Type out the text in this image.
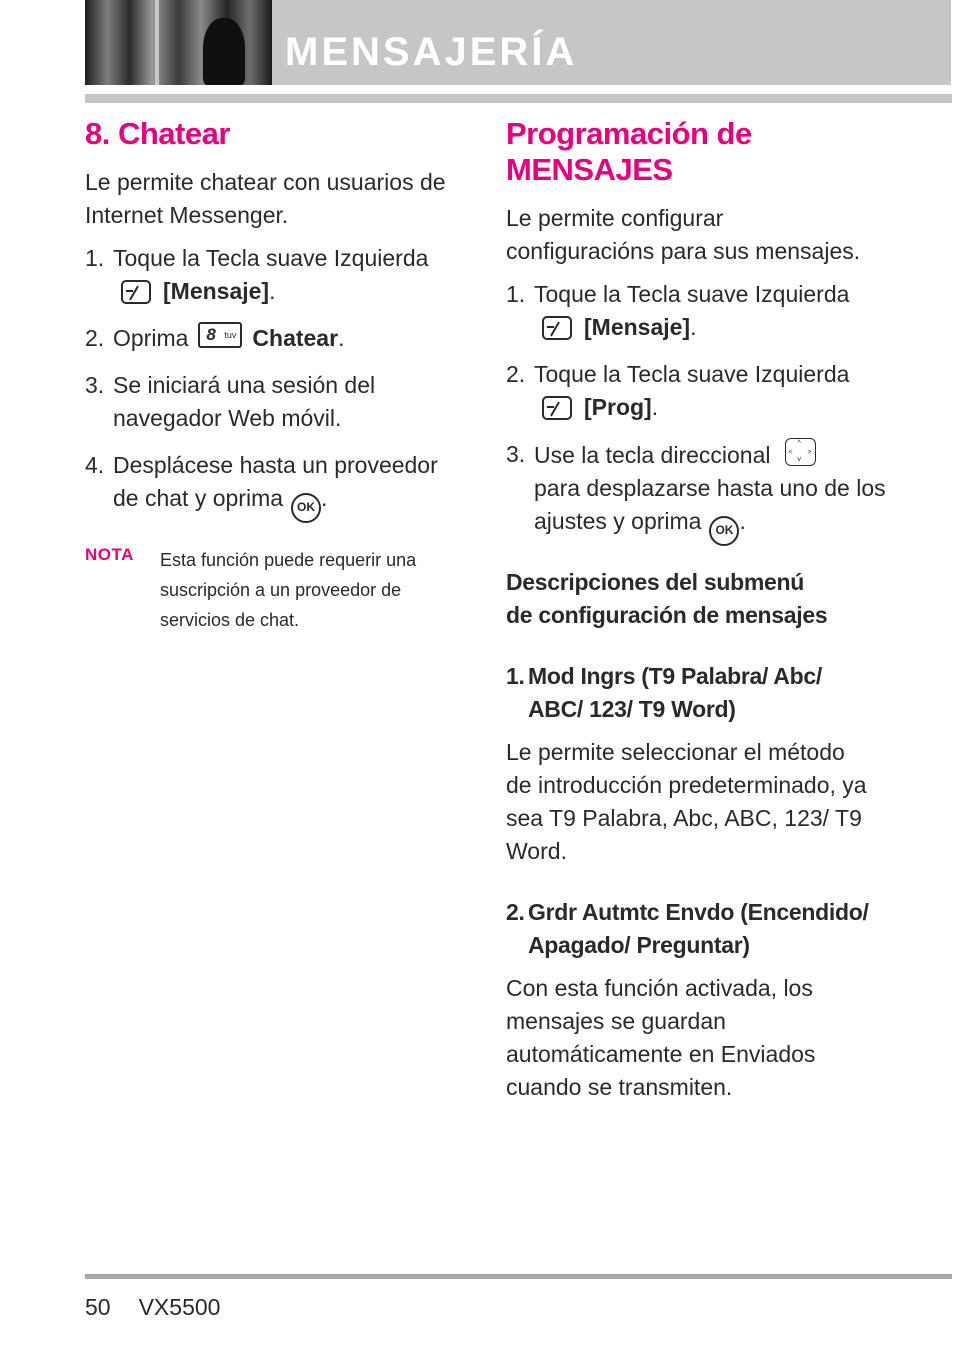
MENSAJERÍA
8. Chatear

Le permite chatear con usuarios de Internet Messenger.

1. Toque la Tecla suave Izquierda
[Mensaje].
2. Oprima 8 tuv Chatear.
3. Se iniciará una sesión del navegador Web móvil.
4. Desplácese hasta un proveedor de chat y oprima OK .
NOTA Esta función puede requerir una suscripción a un proveedor de servicios de chat.
Programación de
MENSAJES

Le permite configurar configuracións para sus mensajes.

1. Toque la Tecla suave Izquierda
[Mensaje].
2. Toque la Tecla suave Izquierda
[Prog].
3. Use la tecla direccional	^
< >
v

para desplazarse hasta uno de los ajustes y oprima OK .

Descripciones del submenú de configuración de mensajes

1. Mod Ingrs (T9 Palabra/ Abc/ ABC/ 123/ T9 Word)

Le permite seleccionar el método de introducción predeterminado, ya sea T9 Palabra, Abc, ABC, 123/ T9 Word.

2. Grdr Autmtc Envdo (Encendido/ Apagado/ Preguntar)

Con esta función activada, los mensajes se guardan automáticamente en Enviados cuando se transmiten.

50 VX5500
